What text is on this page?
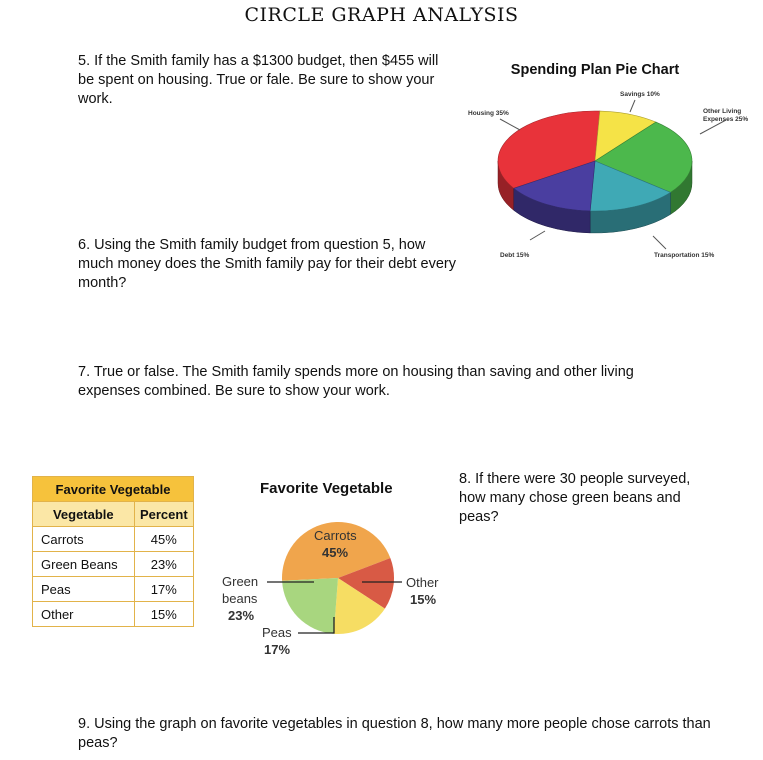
CIRCLE GRAPH ANALYSIS
5. If the Smith family has a $1300 budget, then $455 will be spent on housing. True or fale. Be sure to show your work.
6. Using the Smith family budget from question 5, how much money does the Smith family pay for their debt every month?
7. True or false. The Smith family spends more on housing than saving and other living expenses combined. Be sure to show your work.
8. If there were 30 people surveyed, how many chose green beans and peas?
9. Using the graph on favorite vegetables in question 8, how many more people chose carrots than peas?
Spending Plan Pie Chart
Housing 35%
Savings 10%
Other Living
Expenses 25%
Debt 15%	Transportation 15%
Favorite Vegetable	
Vegetable	Percent
Carrots	45%
Green Beans	23%
Peas	17%
Other	15%
Favorite Vegetable
Carrots
45%
Green
beans
23%
Other
15%
Peas
17%
